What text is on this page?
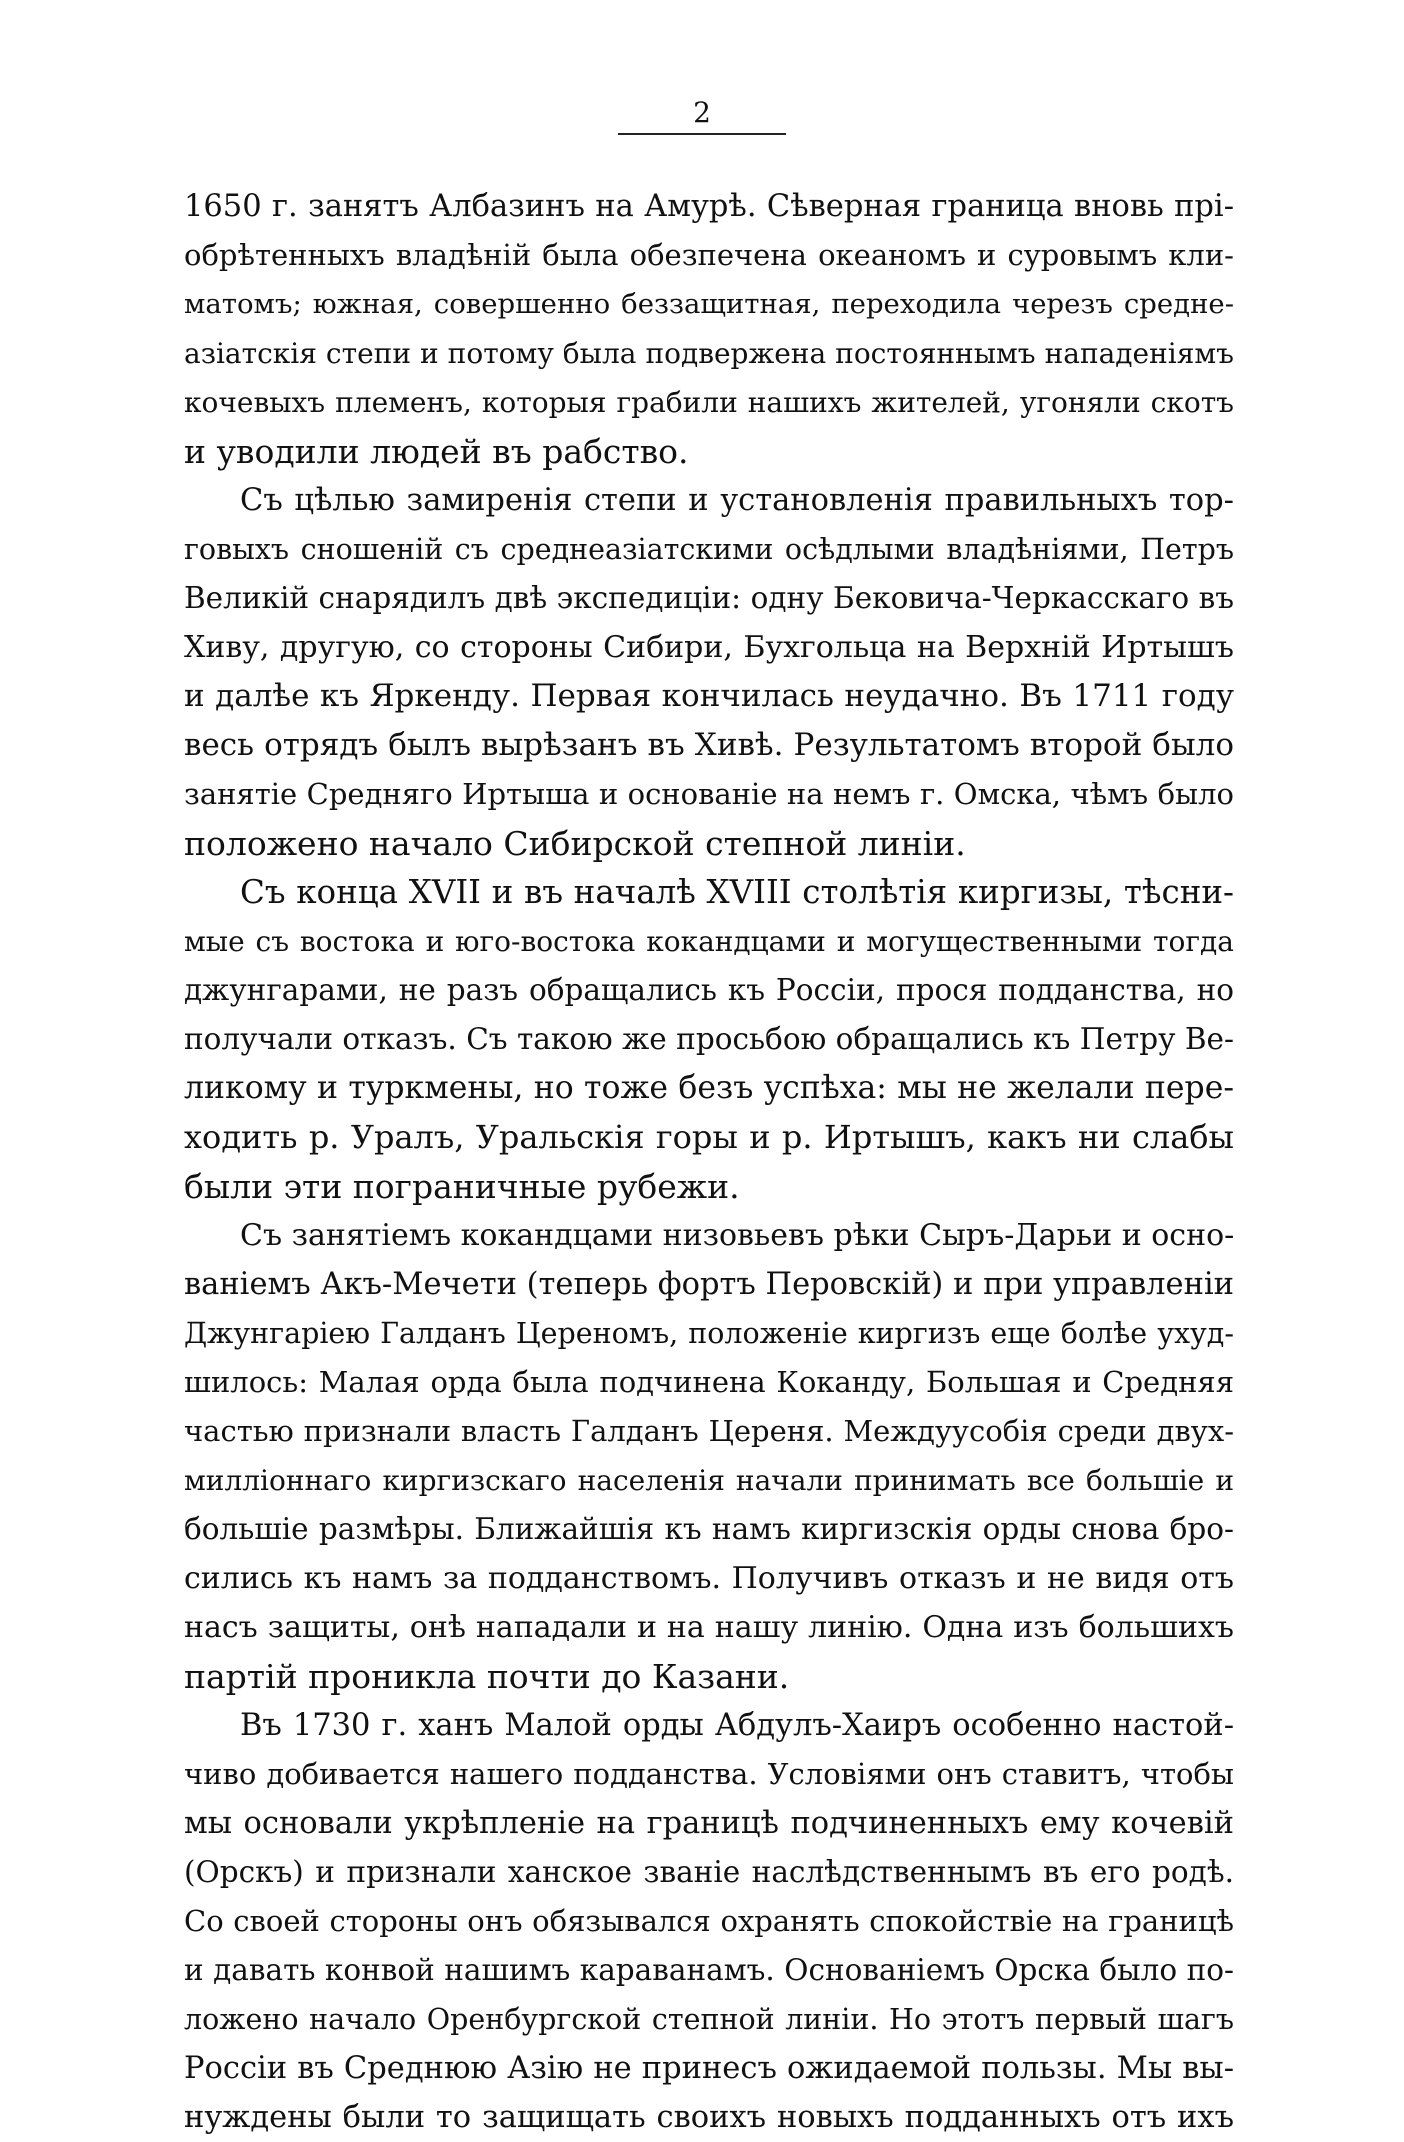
2
1650 г. занятъ Албазинъ на Амурѣ. Сѣверная граница вновь прі-
обрѣтенныхъ владѣній была обезпечена океаномъ и суровымъ кли-
матомъ; южная, совершенно беззащитная, переходила черезъ средне-
азіатскія степи и потому была подвержена постояннымъ нападеніямъ
кочевыхъ племенъ, которыя грабили нашихъ жителей, угоняли скотъ
и уводили людей въ рабство.
Съ цѣлью замиренія степи и установленія правильныхъ тор-
говыхъ сношеній съ среднеазіатскими осѣдлыми владѣніями, Петръ
Великій снарядилъ двѣ экспедиціи: одну Бековича-Черкасскаго въ
Хиву, другую, со стороны Сибири, Бухгольца на Верхній Иртышъ
и далѣе къ Яркенду. Первая кончилась неудачно. Въ 1711 году
весь отрядъ былъ вырѣзанъ въ Хивѣ. Результатомъ второй было
занятіе Средняго Иртыша и основаніе на немъ г. Омска, чѣмъ было
положено начало Сибирской степной линіи.
Съ конца XVII и въ началѣ XVIII столѣтія киргизы, тѣсни-
мые съ востока и юго-востока кокандцами и могущественными тогда
джунгарами, не разъ обращались къ Россіи, прося подданства, но
получали отказъ. Съ такою же просьбою обращались къ Петру Ве-
ликому и туркмены, но тоже безъ успѣха: мы не желали пере-
ходить р. Уралъ, Уральскія горы и р. Иртышъ, какъ ни слабы
были эти пограничные рубежи.
Съ занятіемъ кокандцами низовьевъ рѣки Сыръ-Дарьи и осно-
ваніемъ Акъ-Мечети (теперь фортъ Перовскій) и при управленіи
Джунгаріею Галданъ Цереномъ, положеніе киргизъ еще болѣе ухуд-
шилось: Малая орда была подчинена Коканду, Большая и Средняя
частью признали власть Галданъ Цереня. Междуусобія среди двух-
милліоннаго киргизскаго населенія начали принимать все большіе и
большіе размѣры. Ближайшія къ намъ киргизскія орды снова бро-
сились къ намъ за подданствомъ. Получивъ отказъ и не видя отъ
насъ защиты, онѣ нападали и на нашу линію. Одна изъ большихъ
партій проникла почти до Казани.
Въ 1730 г. ханъ Малой орды Абдулъ-Хаиръ особенно настой-
чиво добивается нашего подданства. Условіями онъ ставитъ, чтобы
мы основали укрѣпленіе на границѣ подчиненныхъ ему кочевій
(Орскъ) и признали ханское званіе наслѣдственнымъ въ его родѣ.
Со своей стороны онъ обязывался охранять спокойствіе на границѣ
и давать конвой нашимъ караванамъ. Основаніемъ Орска было по-
ложено начало Оренбургской степной линіи. Но этотъ первый шагъ
Россіи въ Среднюю Азію не принесъ ожидаемой пользы. Мы вы-
нуждены были то защищать своихъ новыхъ подданныхъ отъ ихъ
